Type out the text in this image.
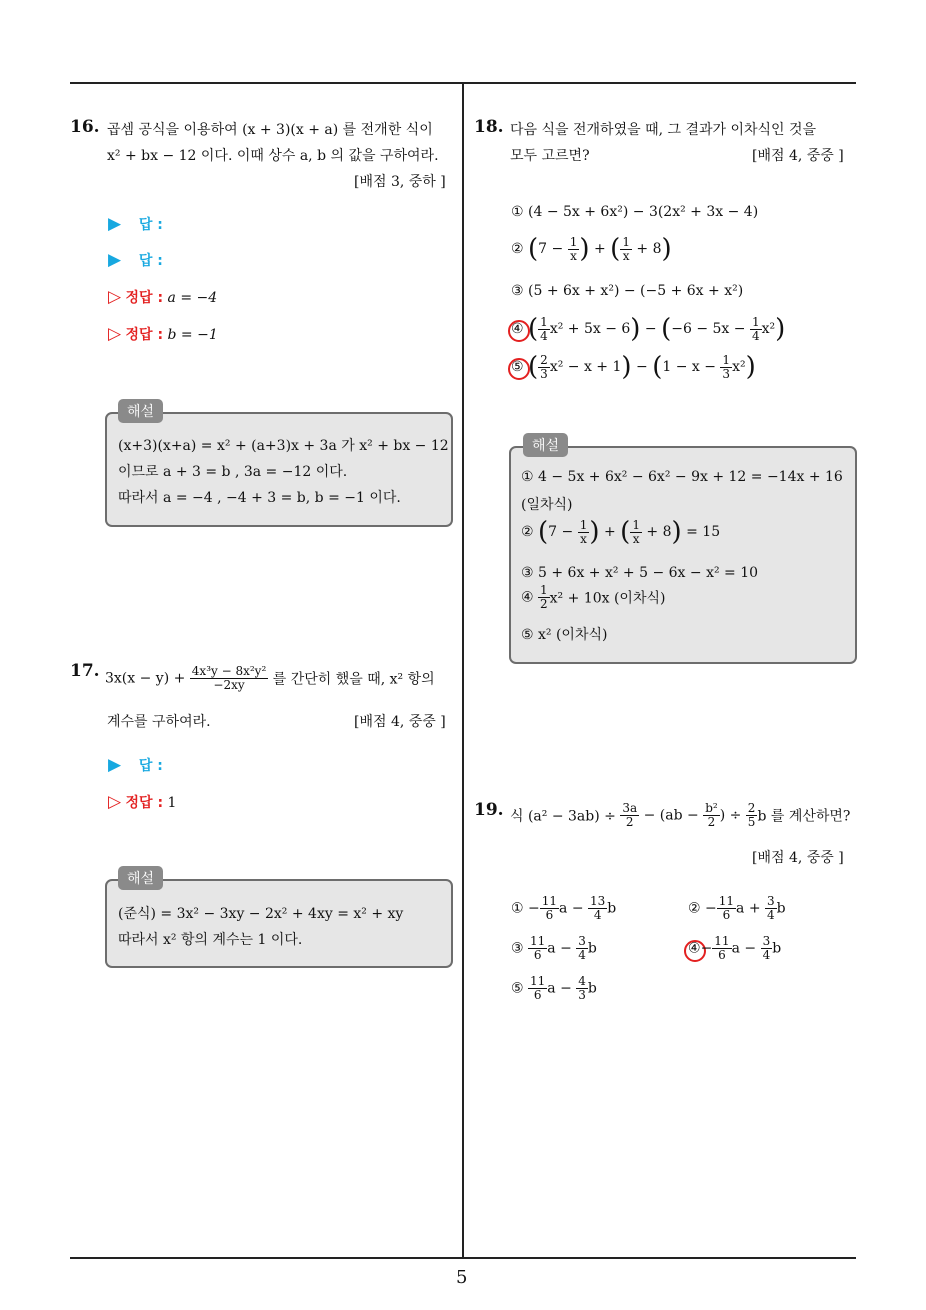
5
16. 곱셈 공식을 이용하여 (x + 3)(x + a) 를 전개한 식이
x² + bx − 12 이다. 이때 상수 a, b 의 값을 구하여라.
[배점 3, 중하 ]
▶ 답 :
▶ 답 :
▷ 정답 : a = −4
▷ 정답 : b = −1
해설
(x+3)(x+a) = x² + (a+3)x + 3a 가 x² + bx − 12
이므로 a + 3 = b , 3a = −12 이다.
따라서 a = −4 , −4 + 3 = b, b = −1 이다.
17. $3x(x - y) + \frac{\text{4x³y − 8x²y²}}{-2xy}$ 를 간단히 했을 때, x² 항의
계수를 구하여라.	[배점 4, 중중 ]
▶ 답 :
▷ 정답 : 1
해설
(준식) = 3x² − 3xy − 2x² + 4xy = x² + xy
따라서 x² 항의 계수는 1 이다.
18. 다음 식을 전개하였을 때, 그 결과가 이차식인 것을
모두 고르면?	[배점 4, 중중 ]
① (4 − 5x + 6x²) − 3(2x² + 3x − 4)
② ($7 - \frac{1}{x}$ ) + ( $\frac{1}{x} + 8$)
③ (5 + 6x + x²) − (−5 + 6x + x²)
④ ( $\frac{1}{4} x^2 + 5x - 6) - (-6 - 5x - \frac{1}{4} x^2)$
⑤ ( $\frac{2}{3} x^2 - x + 1) - (1 - x - \frac{1}{3} x^2)$
해설
① 4 − 5x + 6x² − 6x² − 9x + 12 = −14x + 16
(일차식)
② ($7 - \frac{1}{x}$ ) + ( $\frac{1}{x} + 8) = 15$
③ 5 + 6x + x² + 5 − 6x − x² = 10
④ $\frac{1}{2} x^2 + 10x$ (이차식)
⑤ x² (이차식)
19. 식 $(a^2 - 3ab) \div \frac{3a}{2} - (ab - \frac{\text{b²}}{2}$ ) ÷ $\frac{2}{5}$ b 를 계산하면?
[배점 4, 중중 ]
① − $\frac{11}{6}$ $a - \frac{13}{4}$ b	② − $\frac{11}{6}$ $a + \frac{3}{4}$ b
③ $\frac{11}{6}$ $a - \frac{3}{4}$ b	④− $\frac{11}{6}$ $a - \frac{3}{4}$ b
⑤ $\frac{11}{6}$ $a - \frac{4}{3}$ b
